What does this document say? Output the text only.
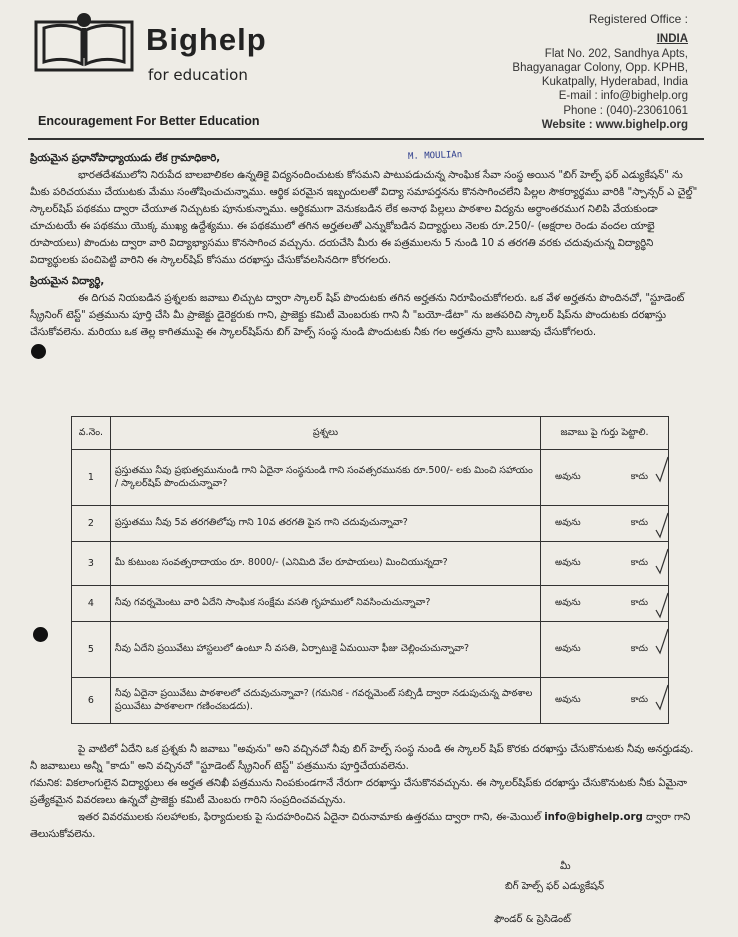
Bighelp
for education
Encouragement For Better Education
Registered Office :
INDIA
Flat No. 202, Sandhya Apts,
Bhagyanagar Colony, Opp. KPHB,
Kukatpally, Hyderabad, India
E-mail : info@bighelp.org
Phone : (040)-23061061
Website : www.bighelp.org
M. MOULIAn

ప్రియమైన ప్రధానోపాధ్యాయుడు లేక గ్రామాధికారి,

భారతదేశములోని నిరుపేద బాలబాలికల ఉన్నతికై విద్యనందించుటకు కోసమని పాటుపడుచున్న సాంఘిక సేవా సంస్థ అయిన "బిగ్ హెల్ప్ ఫర్ ఎడ్యుకేషన్" ను మీకు పరిచయము చేయుటకు మేము సంతోషించుచున్నాము. ఆర్థిక పరమైన ఇబ్బందులతో విద్యా సమాపర్తనను కొనసాగించలేని పిల్లల సౌకర్యార్థము వారికి "స్పాన్సర్ ఎ చైల్డ్" స్కాలర్‌షిప్ పథకము ద్వారా చేయూత నిచ్చుటకు పూనుకున్నాము. ఆర్థికముగా వెనుకబడిన లేక అనాథ పిల్లలు పాఠశాల విద్యను అర్ధాంతరముగ నిలిపి వేయకుండా చూచుటయే ఈ పథకము యొక్క ముఖ్య ఉద్దేశ్యము. ఈ పథకములో తగిన అర్హతలతో ఎన్నుకోబడిన విద్యార్థులు నెలకు రూ.250/- (అక్షరాల రెండు వందల యాభై రూపాయలు) పొందుట ద్వారా వారి విద్యాభ్యాసము కొనసాగించ వచ్చును. దయచేసి మీరు ఈ పత్రములను 5 నుండి 10 వ తరగతి వరకు చదువుచున్న విద్యార్థిని విద్యార్థులకు పంచిపెట్టి వారిని ఈ స్కాలర్‌షిప్ కోసము దరఖాస్తు చేసుకోవలసినదిగా కోరగలరు.

ప్రియమైన విద్యార్థి,

ఈ దిగువ నియబడిన ప్రశ్నలకు జవాబు లిచ్చుట ద్వారా స్కాలర్ షిప్ పొందుటకు తగిన అర్హతను నిరూపించుకోగలరు. ఒక వేళ అర్హతను పొందినచో, "స్టూడెంట్ స్క్రీనింగ్ టెస్ట్" పత్రమును పూర్తి చేసి మీ ప్రాజెక్టు డైరెక్టరుకు గాని, ప్రాజెక్టు కమిటీ మెంబరుకు గాని నీ "బయో-డేటా" ను జతపరిచి స్కాలర్ షిప్‌ను పొందుటకు దరఖాస్తు చేసుకోవలెను. మరియు ఒక తెల్ల కాగితముపై ఈ స్కాలర్‌షిప్‌ను బిగ్ హెల్ప్ సంస్థ నుండి పొందుటకు నీకు గల అర్హతను వ్రాసి ఋజువు చేసుకోగలరు.

వ.నెం.	ప్రశ్నలు	జవాబు పై గుర్తు పెట్టాలి.
1	ప్రస్తుతము నీవు ప్రభుత్వమునుండి గాని ఏదైనా సంస్థనుండి గాని సంవత్సరమునకు రూ.500/- లకు మించి సహాయం / స్కాలర్‌షిప్ పొందుచున్నావా?	అవును కాదు

2	ప్రస్తుతము నీవు 5వ తరగతిలోపు గాని 10వ తరగతి పైన గాని చదువుచున్నావా?	అవును కాదు

3	మీ కుటుంబ సంవత్సరాదాయం రూ. 8000/- (ఎనిమిది వేల రూపాయలు) మించియున్నదా?	అవును కాదు

4	నీవు గవర్నమెంటు వారి ఏదేని సాంఘిక సంక్షేమ వసతి గృహములో నివసించుచున్నావా?	అవును కాదు

5	నీవు ఏదేని ప్రయివేటు హాస్టలులో ఉంటూ నీ వసతి, ఏర్పాటుకై ఏమయినా ఫీజు చెల్లించుచున్నావా?	అవును కాదు

6	నీవు ఏదైనా ప్రయివేటు పాఠశాలలో చదువుచున్నావా? (గమనిక - గవర్నమెంట్ సబ్సిడీ ద్వారా నడుపుచున్న పాఠశాల ప్రయివేటు పాఠశాలగా గణించబడదు).	అవును కాదు

పై వాటిలో ఏదేని ఒక ప్రశ్నకు నీ జవాబు "అవును" అని వచ్చినచో నీవు బిగ్ హెల్ప్ సంస్థ నుండి ఈ స్కాలర్ షిప్ కొరకు దరఖాస్తు చేసుకొనుటకు నీవు అనర్హుడవు. నీ జవాబులు అన్నీ "కాదు" అని వచ్చినచో "స్టూడెంట్ స్క్రీనింగ్ టెస్ట్" పత్రమును పూర్తిచేయవలెను.

గమనిక: వికలాంగులైన విద్యార్థులు ఈ అర్హత తనిఖీ పత్రమును నింపకుండగానే నేరుగా దరఖాస్తు చేసుకొనవచ్చును. ఈ స్కాలర్‌షిప్‌కు దరఖాస్తు చేసుకొనుటకు నీకు ఏమైనా ప్రత్యేకమైన వివరణలు ఉన్నచో ప్రాజెక్టు కమిటీ మెంబరు గారిని సంప్రదించవచ్చును.

ఇతర వివరములకు సలహాలకు, ఫిర్యాదులకు పై సుదహరించిన ఏదైనా చిరునామాకు ఉత్తరము ద్వారా గాని, ఈ-మెయిల్ info@bighelp.org ద్వారా గాని తెలుసుకోవలెను.

మీ
బిగ్ హెల్ప్ ఫర్ ఎడ్యుకేషన్
ఫౌండర్ & ప్రెసిడెంట్
